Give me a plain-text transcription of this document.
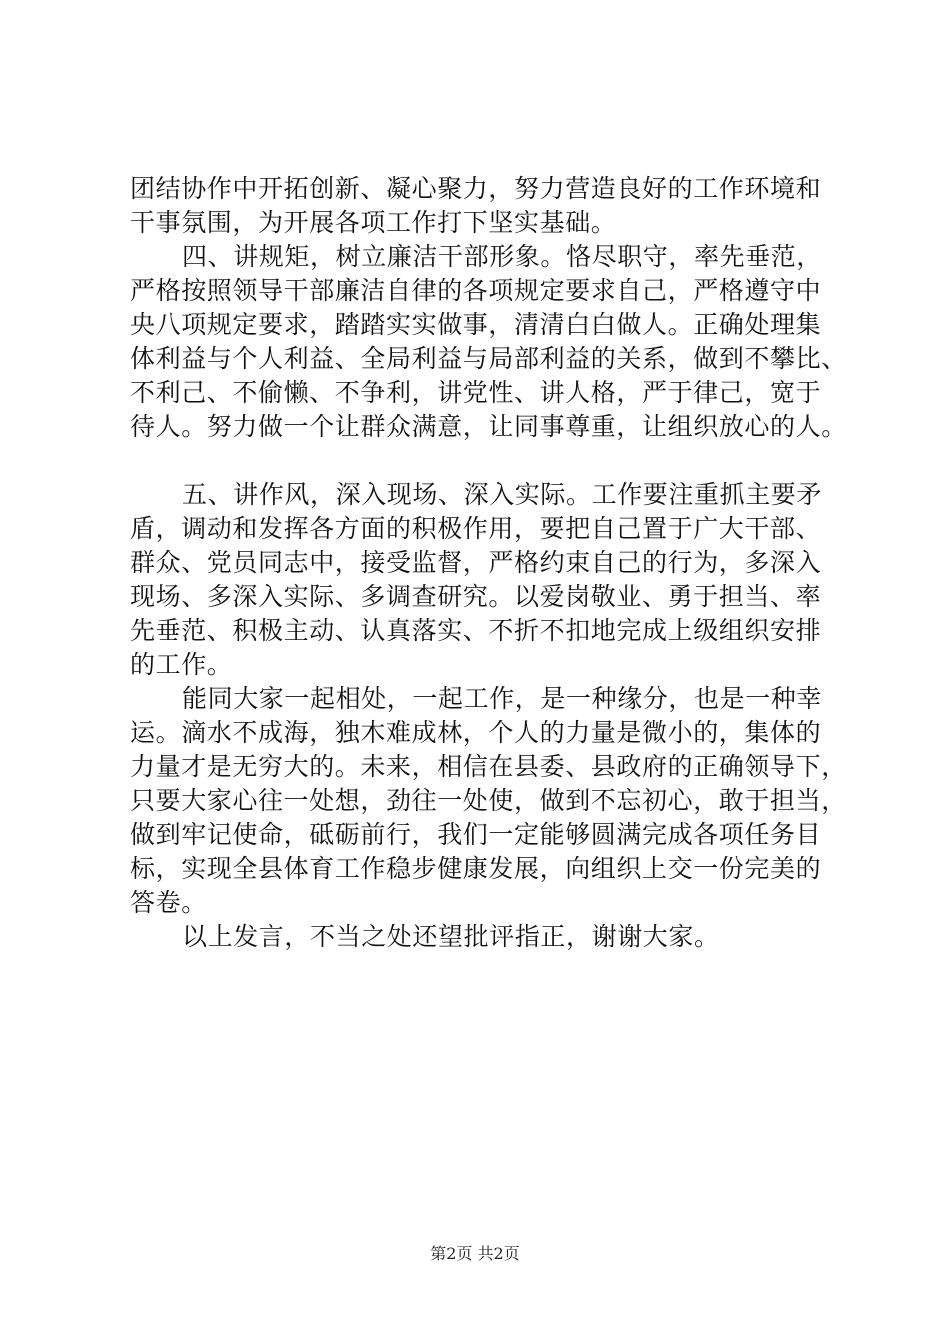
团结协作中开拓创新、凝心聚力，努力营造良好的工作环境和
干事氛围，为开展各项工作打下坚实基础。
四、讲规矩，树立廉洁干部形象。恪尽职守，率先垂范，
严格按照领导干部廉洁自律的各项规定要求自己，严格遵守中
央八项规定要求，踏踏实实做事，清清白白做人。正确处理集
体利益与个人利益、全局利益与局部利益的关系，做到不攀比、
不利己、不偷懒、不争利，讲党性、讲人格，严于律己，宽于
待人。努力做一个让群众满意，让同事尊重，让组织放心的人。
五、讲作风，深入现场、深入实际。工作要注重抓主要矛
盾，调动和发挥各方面的积极作用，要把自己置于广大干部、
群众、党员同志中，接受监督，严格约束自己的行为，多深入
现场、多深入实际、多调查研究。以爱岗敬业、勇于担当、率
先垂范、积极主动、认真落实、不折不扣地完成上级组织安排
的工作。
能同大家一起相处，一起工作，是一种缘分，也是一种幸
运。滴水不成海，独木难成林，个人的力量是微小的，集体的
力量才是无穷大的。未来，相信在县委、县政府的正确领导下，
只要大家心往一处想，劲往一处使，做到不忘初心，敢于担当，
做到牢记使命，砥砺前行，我们一定能够圆满完成各项任务目
标，实现全县体育工作稳步健康发展，向组织上交一份完美的
答卷。
以上发言，不当之处还望批评指正，谢谢大家。
第2页 共2页
